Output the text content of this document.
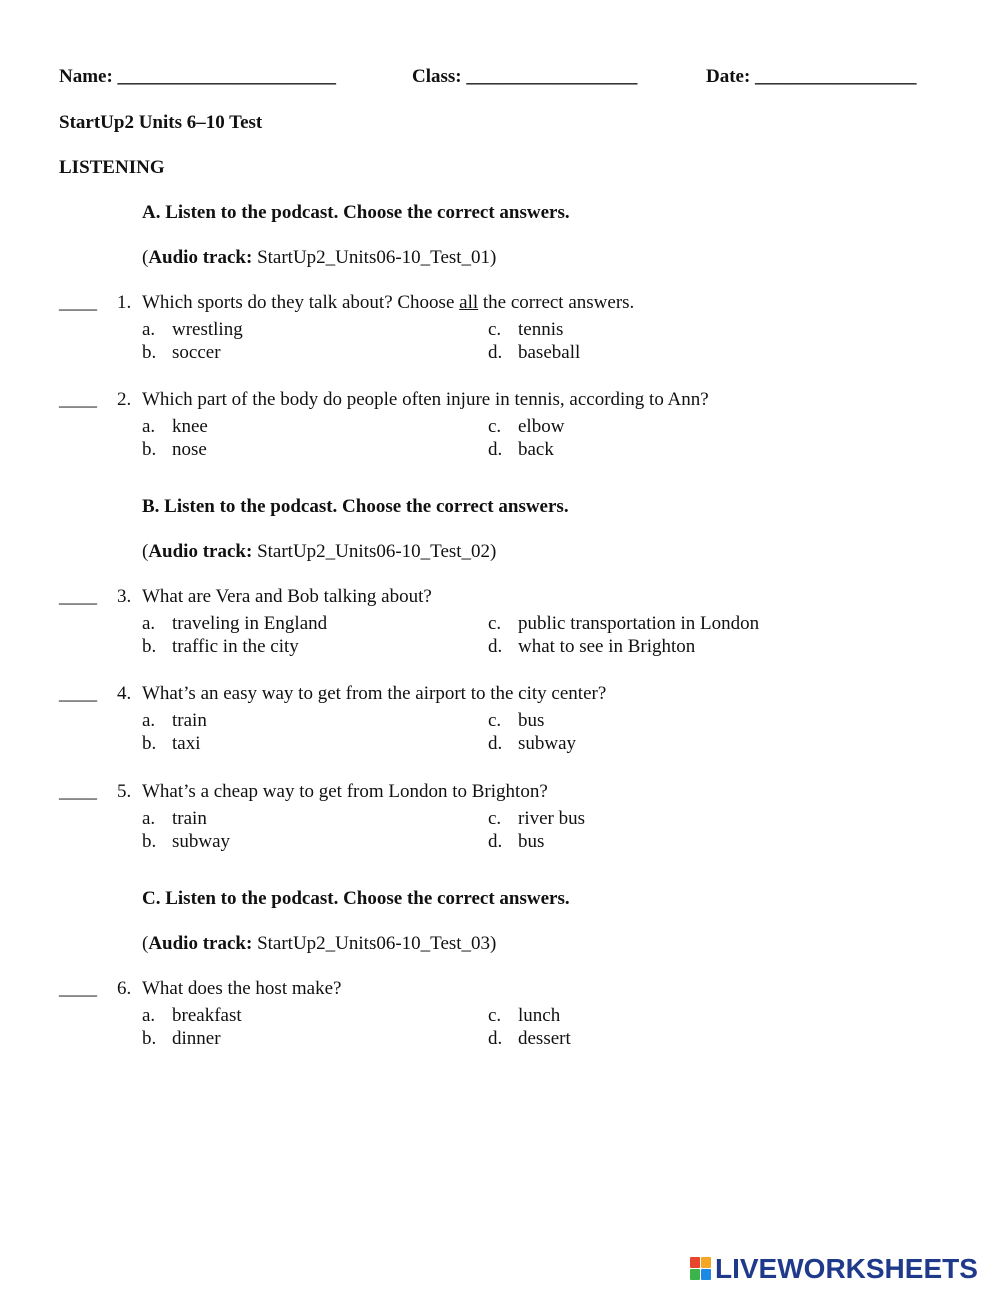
Name: _______________________	Class: __________________	Date: _________________
StartUp2 Units 6–10 Test
LISTENING
A. Listen to the podcast. Choose the correct answers.
(Audio track: StartUp2_Units06-10_Test_01)
____ 1. Which sports do they talk about? Choose all the correct answers.
a. wrestling
b. soccer
c. tennis
d. baseball
____ 2. Which part of the body do people often injure in tennis, according to Ann?
a. knee
b. nose
c. elbow
d. back
B. Listen to the podcast. Choose the correct answers.
(Audio track: StartUp2_Units06-10_Test_02)
____ 3. What are Vera and Bob talking about?
a. traveling in England
b. traffic in the city
c. public transportation in London
d. what to see in Brighton
____ 4. What’s an easy way to get from the airport to the city center?
a. train
b. taxi
c. bus
d. subway
____ 5. What’s a cheap way to get from London to Brighton?
a. train
b. subway
c. river bus
d. bus
C. Listen to the podcast. Choose the correct answers.
(Audio track: StartUp2_Units06-10_Test_03)
____ 6. What does the host make?
a. breakfast
b. dinner
c. lunch
d. dessert
LIVEWORKSHEETS
